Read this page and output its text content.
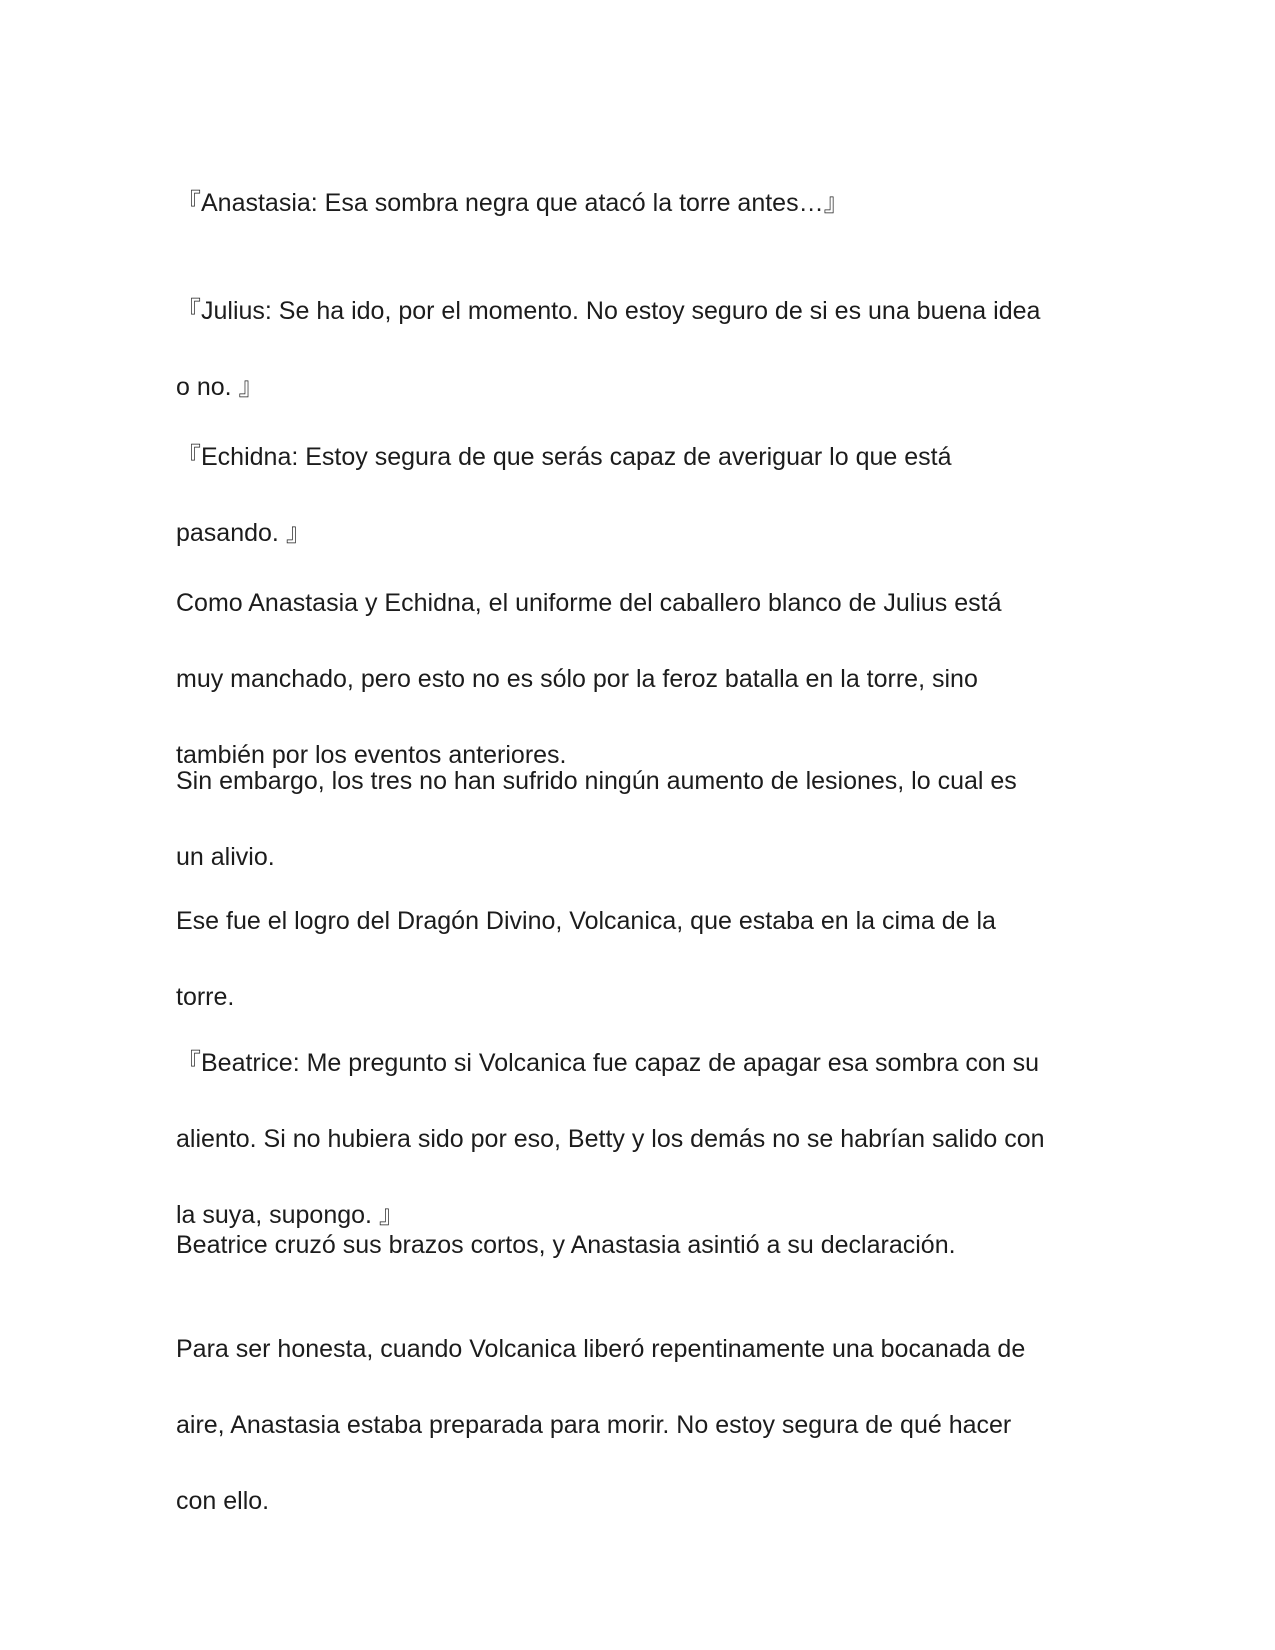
『Anastasia: Esa sombra negra que atacó la torre antes…』

『Julius: Se ha ido, por el momento. No estoy seguro de si es una buena idea

o no. 』

『Echidna: Estoy segura de que serás capaz de averiguar lo que está

pasando. 』

Como Anastasia y Echidna, el uniforme del caballero blanco de Julius está

muy manchado, pero esto no es sólo por la feroz batalla en la torre, sino

también por los eventos anteriores.

Sin embargo, los tres no han sufrido ningún aumento de lesiones, lo cual es

un alivio.

Ese fue el logro del Dragón Divino, Volcanica, que estaba en la cima de la

torre.

『Beatrice: Me pregunto si Volcanica fue capaz de apagar esa sombra con su

aliento. Si no hubiera sido por eso, Betty y los demás no se habrían salido con

la suya, supongo. 』

Beatrice cruzó sus brazos cortos, y Anastasia asintió a su declaración.

Para ser honesta, cuando Volcanica liberó repentinamente una bocanada de

aire, Anastasia estaba preparada para morir. No estoy segura de qué hacer

con ello.
